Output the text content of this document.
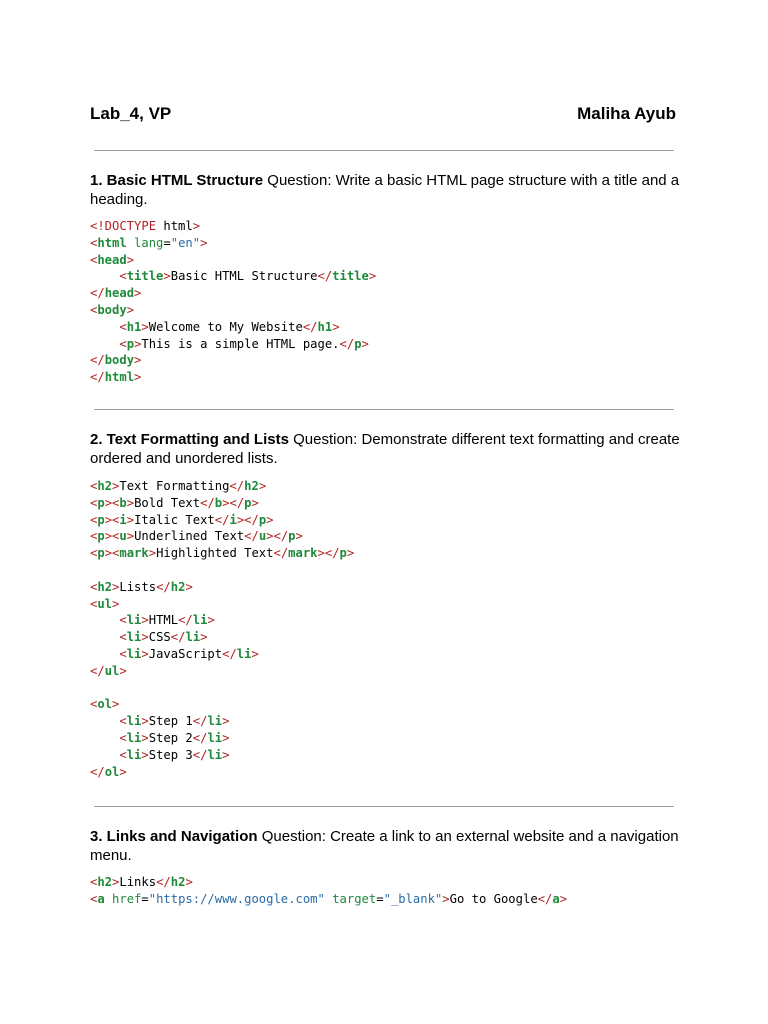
Lab_4, VP	Maliha Ayub
1. Basic HTML Structure Question: Write a basic HTML page structure with a title and a heading.
<!DOCTYPE html>
<html lang="en">
<head>
<title>Basic HTML Structure</title>
</head>
<body>
<h1>Welcome to My Website</h1>
<p>This is a simple HTML page.</p>
</body>
</html>
2. Text Formatting and Lists Question: Demonstrate different text formatting and create ordered and unordered lists.
<h2>Text Formatting</h2>
<p><b>Bold Text</b></p>
<p><i>Italic Text</i></p>
<p><u>Underlined Text</u></p>
<p><mark>Highlighted Text</mark></p>
<h2>Lists</h2>
<ul>
<li>HTML</li>
<li>CSS</li>
<li>JavaScript</li>
</ul>
<ol>
<li>Step 1</li>
<li>Step 2</li>
<li>Step 3</li>
</ol>
3. Links and Navigation Question: Create a link to an external website and a navigation menu.
<h2>Links</h2>
<a href="https://www.google.com" target="_blank">Go to Google</a>
